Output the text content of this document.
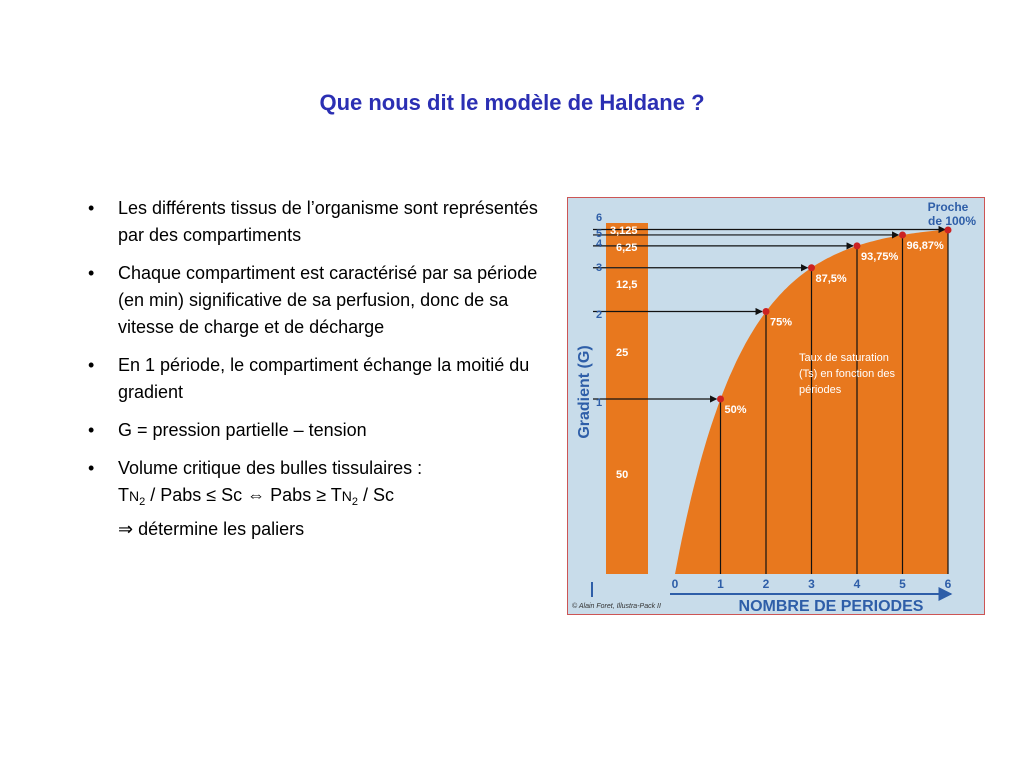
Que nous dit le modèle de Haldane ?
• Les différents tissus de l’organisme sont représentés par des compartiments
• Chaque compartiment est caractérisé par sa période (en min) significative de sa perfusion, donc de sa vitesse de charge et de décharge
• En 1 période, le compartiment échange la moitié du gradient
• G = pression partielle – tension
• Volume critique des bulles tissulaires :
$TN_2$ / Pabs ≤ Sc ⇔ Pabs ≥ $TN_2$ / Sc
⇒ détermine les paliers
50
25
12,5
6,25
3,125
50%
75%
87,5%
93,75%
96,87%
1
2
3
4
5
6
0	1	2	3	4	5	6
Gradient (G)
NOMBRE DE PERIODES
© Alain Foret, Illustra-Pack II
Proche
de 100%
Taux de saturation
(Ts) en fonction des
périodes
